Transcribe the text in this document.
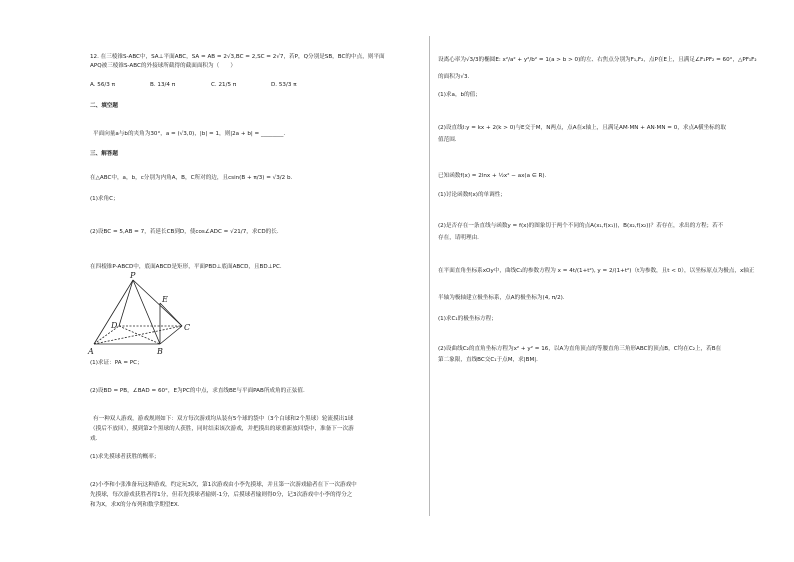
12. 在三棱锥S-ABC中，SA⊥平面ABC，SA = AB = 2√3,BC = 2,SC = 2√7，若P，Q分别是SB，BC的中点，则平面
APQ被三棱锥S-ABC的外接球所截得的截面面积为（　　）
A. 56/3 π	B. 13/4 π	C. 21/5 π	D. 53/3 π
二、填空题
平面向量a与b的夹角为30°，a = (√3,0)，|b| = 1，则|2a + b| = ________.
三、解答题
在△ABC中，a，b，c分别为内角A，B，C所对的边，且csin(B + π/3) = √3/2 b.
(1)求角C；
(2)设BC = 5,AB = 7，若延长CB到D，使cos∠ADC = √21/7，求CD的长.
在四棱锥P-ABCD中，底面ABCD是矩形，平面PBD⊥底面ABCD，且BD⊥PC.
P
E
D	C
A	B
(1)求证：PA = PC；
(2)设BD = PB，∠BAD = 60°，E为PC的中点，求直线BE与平面PAB所成角的正弦值.
有一种双人游戏，游戏规则如下：双方每次游戏均从装有5个球的袋中（3个白球和2个黑球）轮流摸出1球
（摸后不放回），摸到第2个黑球的人获胜，同时结束该次游戏，并把摸出的球重新放回袋中，准备下一次游
戏.
(1)求先摸球者获胜的概率；
(2)小李和小张准备玩这种游戏，约定玩3次，第1次游戏由小李先摸球，并且第一次游戏输者在下一次游戏中
先摸球，每次游戏获胜者得1分，但若先摸球者输则-1分，后摸球者输则得0分，记3次游戏中小李的得分之
和为X，求X的分布列和数学期望EX.
设离心率为√3/3的椭圆E: x²/a² + y²/b² = 1(a > b > 0)的左、右焦点分别为F₁,F₂，点P在E上，且满足∠F₁PF₂ = 60°，△PF₁F₂
的面积为√3.
(1)求a，b的值；
(2)设直线l:y = kx + 2(k > 0)与E交于M，N两点，点A在x轴上，且满足AM·MN + AN·MN = 0，求点A横坐标的取
值范围.
已知函数f(x) = 2lnx + ½x² − ax(a ∈ R).
(1)讨论函数f(x)的单调性；
(2)是否存在一条直线与函数y = f(x)的图象切于两个不同的点A(x₁,f(x₁))，B(x₂,f(x₂))？若存在，求出的方程；若不
存在，请明理由.
在平面直角坐标系xOy中，曲线C₁的参数方程为 x = 4t/(1+t²), y = 2/(1+t²)（t为参数，且t < 0），以坐标原点为极点，x轴正
半轴为极轴建立极坐标系，点A的极坐标为(4, π/2).
(1)求C₁的极坐标方程；
(2)设曲线C₂的直角坐标方程为x² + y² = 16，以A为直角顶点的等腰直角三角形ABC的顶点B，C均在C₂上，若B在
第二象限，直线BC交C₁于点M，求|BM|.
